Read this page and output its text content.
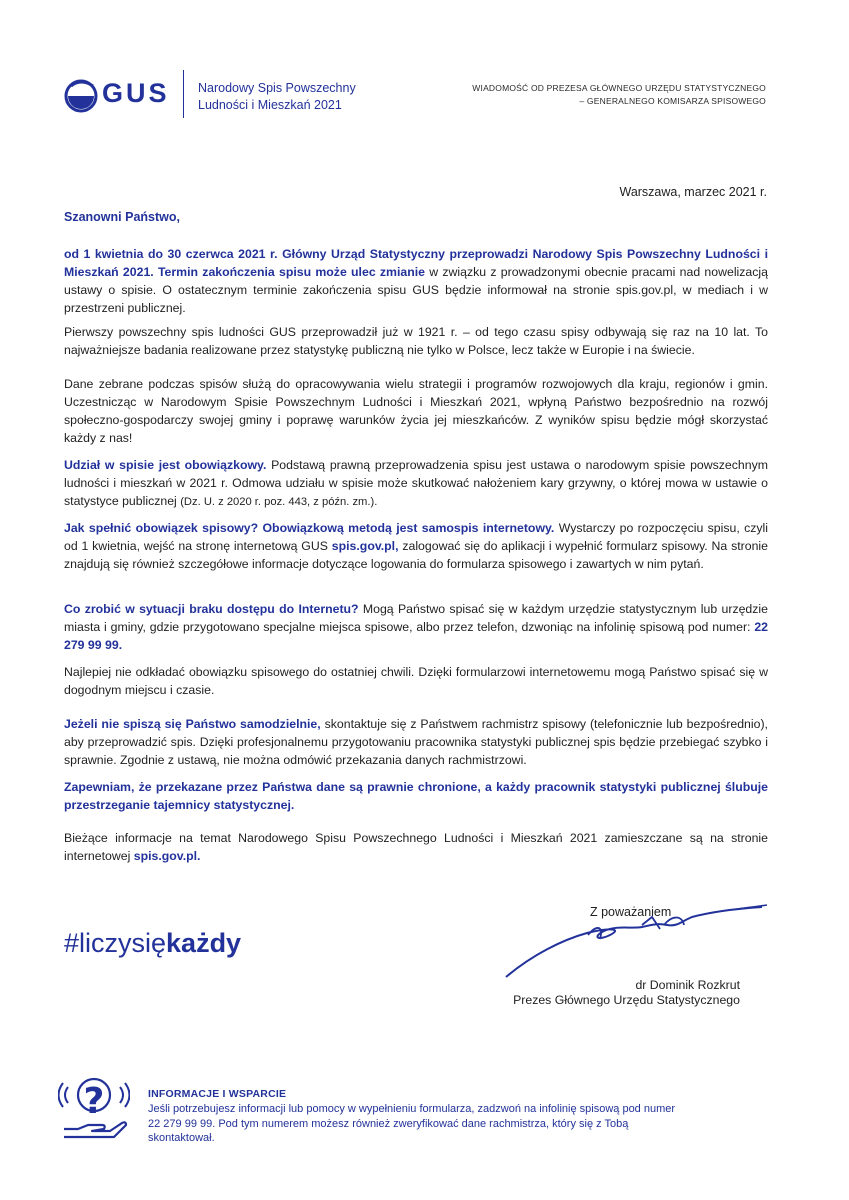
GUS Narodowy Spis Powszechny
Ludności i Mieszkań 2021
WIADOMOŚĆ OD PREZESA GŁÓWNEGO URZĘDU STATYSTYCZNEGO
– GENERALNEGO KOMISARZA SPISOWEGO
Warszawa, marzec 2021 r.
Szanowni Państwo,
od 1 kwietnia do 30 czerwca 2021 r. Główny Urząd Statystyczny przeprowadzi Narodowy Spis Powszechny Ludności i Mieszkań 2021. Termin zakończenia spisu może ulec zmianie w związku z prowadzonymi obecnie pracami nad nowelizacją ustawy o spisie. O ostatecznym terminie zakończenia spisu GUS będzie informował na stronie spis.gov.pl, w mediach i w przestrzeni publicznej.
Pierwszy powszechny spis ludności GUS przeprowadził już w 1921 r. – od tego czasu spisy odbywają się raz na 10 lat. To najważniejsze badania realizowane przez statystykę publiczną nie tylko w Polsce, lecz także w Europie i na świecie.
Dane zebrane podczas spisów służą do opracowywania wielu strategii i programów rozwojowych dla kraju, regionów i gmin. Uczestnicząc w Narodowym Spisie Powszechnym Ludności i Mieszkań 2021, wpłyną Państwo bezpośrednio na rozwój społeczno-gospodarczy swojej gminy i poprawę warunków życia jej mieszkańców. Z wyników spisu będzie mógł skorzystać każdy z nas!
Udział w spisie jest obowiązkowy. Podstawą prawną przeprowadzenia spisu jest ustawa o narodowym spisie powszechnym ludności i mieszkań w 2021 r. Odmowa udziału w spisie może skutkować nałożeniem kary grzywny, o której mowa w ustawie o statystyce publicznej (Dz. U. z 2020 r. poz. 443, z późn. zm.).
Jak spełnić obowiązek spisowy? Obowiązkową metodą jest samospis internetowy. Wystarczy po rozpoczęciu spisu, czyli od 1 kwietnia, wejść na stronę internetową GUS spis.gov.pl, zalogować się do aplikacji i wypełnić formularz spisowy. Na stronie znajdują się również szczegółowe informacje dotyczące logowania do formularza spisowego i zawartych w nim pytań.
Co zrobić w sytuacji braku dostępu do Internetu? Mogą Państwo spisać się w każdym urzędzie statystycznym lub urzędzie miasta i gminy, gdzie przygotowano specjalne miejsca spisowe, albo przez telefon, dzwoniąc na infolinię spisową pod numer: 22 279 99 99.
Najlepiej nie odkładać obowiązku spisowego do ostatniej chwili. Dzięki formularzowi internetowemu mogą Państwo spisać się w dogodnym miejscu i czasie.
Jeżeli nie spiszą się Państwo samodzielnie, skontaktuje się z Państwem rachmistrz spisowy (telefonicznie lub bezpośrednio), aby przeprowadzić spis. Dzięki profesjonalnemu przygotowaniu pracownika statystyki publicznej spis będzie przebiegać szybko i sprawnie. Zgodnie z ustawą, nie można odmówić przekazania danych rachmistrzowi.
Zapewniam, że przekazane przez Państwa dane są prawnie chronione, a każdy pracownik statystyki publicznej ślubuje przestrzeganie tajemnicy statystycznej.
Bieżące informacje na temat Narodowego Spisu Powszechnego Ludności i Mieszkań 2021 zamieszczane są na stronie internetowej spis.gov.pl.
#liczysiękażdy
Z poważaniem
dr Dominik Rozkrut
Prezes Głównego Urzędu Statystycznego
?	INFORMACJE I WSPARCIE
Jeśli potrzebujesz informacji lub pomocy w wypełnieniu formularza, zadzwoń na infolinię spisową pod numer 22 279 99 99. Pod tym numerem możesz również zweryfikować dane rachmistrza, który się z Tobą skontaktował.
